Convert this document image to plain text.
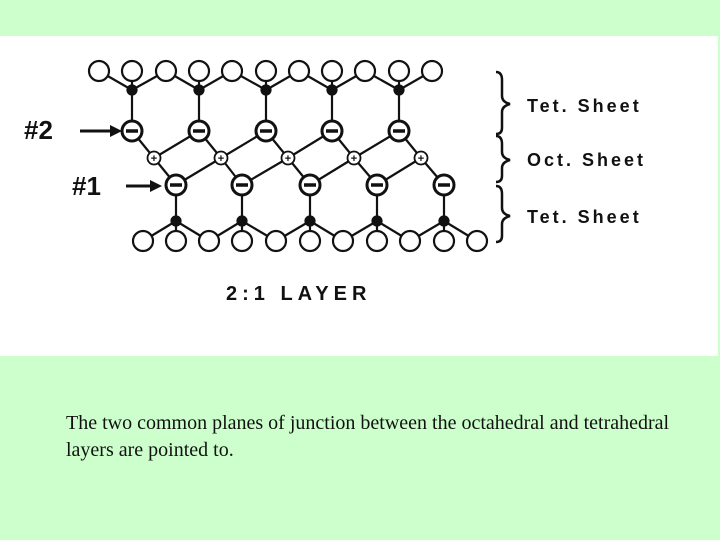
+	+	+	+	+
#2
#1
Tet. Sheet
Oct. Sheet
Tet. Sheet
2:1 LAYER
The two common planes of junction between the octahedral and tetrahedral layers are pointed to.
